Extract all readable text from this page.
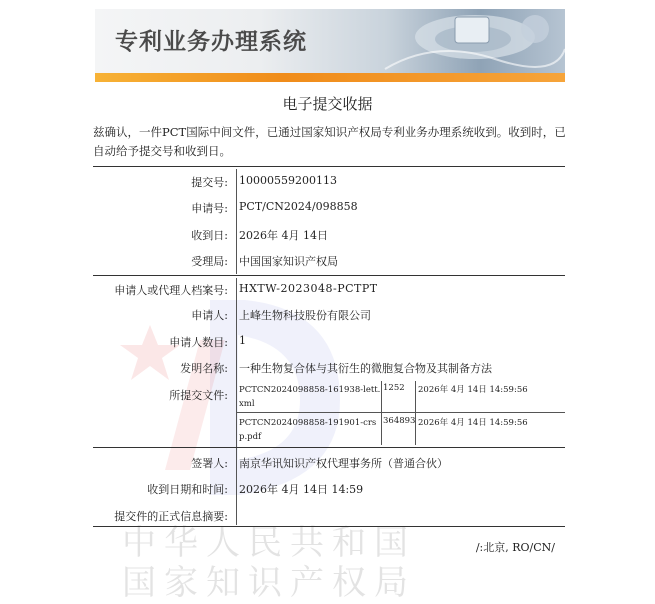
专利业务办理系统
中华人民共和国
国家知识产权局
电子提交收据
兹确认，一件PCT国际中间文件，已通过国家知识产权局专利业务办理系统收到。收到时，已自动给予提交号和收到日。
提交号: 10000559200113
申请号: PCT/CN2024/098858
收到日: 2026年 4月 14日
受理局: 中国国家知识产权局
申请人或代理人档案号: HXTW-2023048-PCTPT
申请人: 上峰生物科技股份有限公司
申请人数目: 1
发明名称: 一种生物复合体与其衍生的微胞复合物及其制备方法
所提交文件: PCTCN2024098858-161938-lett.xml
1252 2026年 4月 14日 14:59:56
PCTCN2024098858-191901-crsp.pdf
364893 2026年 4月 14日 14:59:56
签署人: 南京华讯知识产权代理事务所（普通合伙）
收到日期和时间: 2026年 4月 14日 14:59
提交件的正式信息摘要:
/:北京, RO/CN/
